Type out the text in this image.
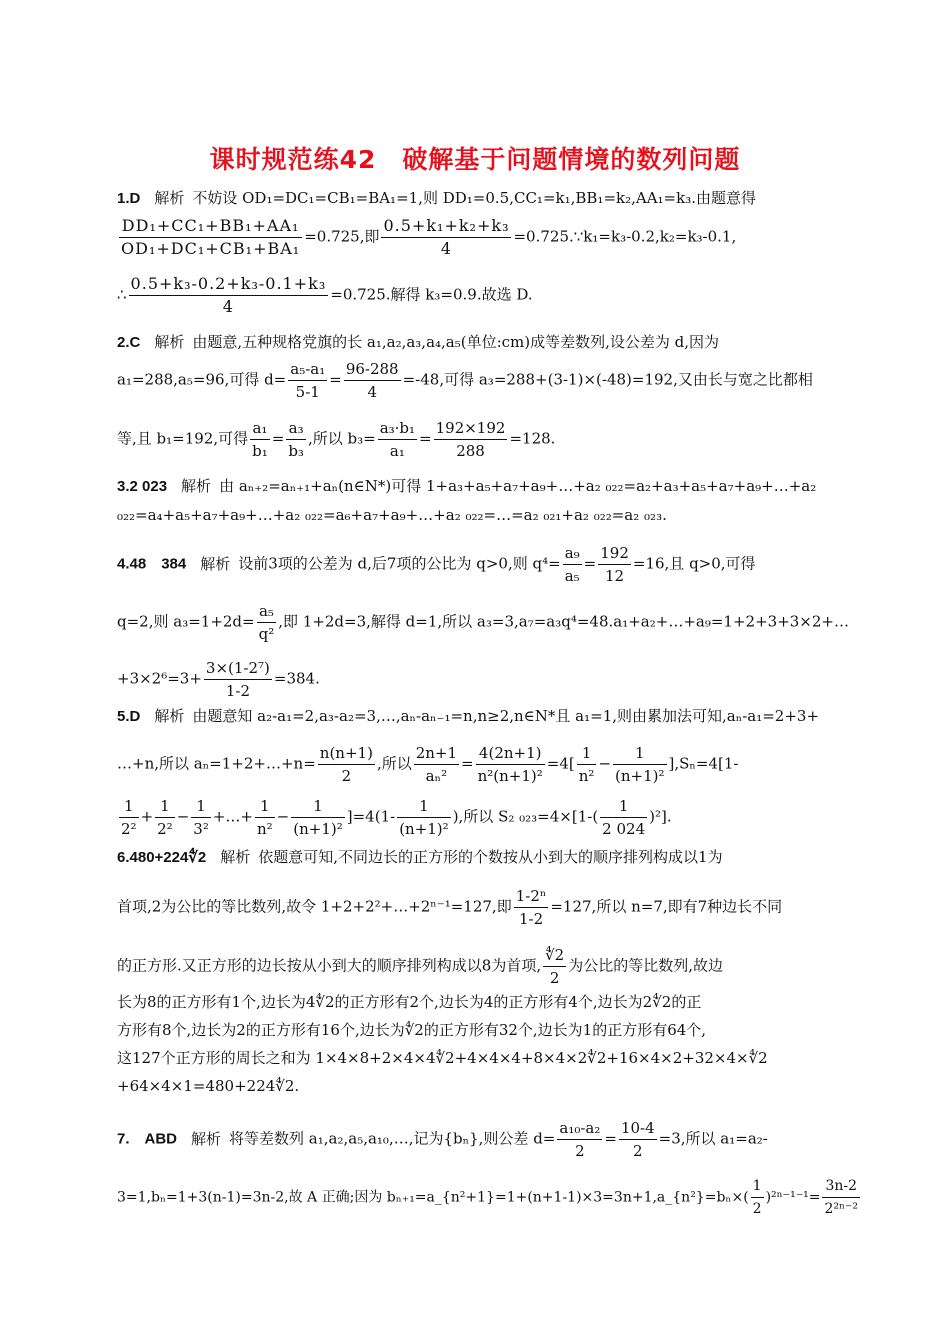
课时规范练42　破解基于问题情境的数列问题
1.D 解析 不妨设 OD₁=DC₁=CB₁=BA₁=1,则 DD₁=0.5,CC₁=k₁,BB₁=k₂,AA₁=k₃.由题意得
$\frac{\text{DD₁+CC₁+BB₁+AA₁}}{\text{OD₁+DC₁+CB₁+BA₁}} =0.725$,即 $\frac{\text{0.5+k₁+k₂+k₃}}{4}$ =0.725.∵k₁=k₃-0.2,k₂=k₃-0.1,
∴ $\frac{\text{0.5+k₃-0.2+k₃-0.1+k₃}}{4} =0.725$.解得 k₃=0.9.故选 D.
2.C 解析 由题意,五种规格党旗的长 a₁,a₂,a₃,a₄,a₅(单位:cm)成等差数列,设公差为 d,因为
a₁=288,a₅=96,可得 $d= \frac{\text{a₅-a₁}}{5-1} = \frac{96-288}{4} =-48$,可得 a₃=288+(3-1)×(-48)=192,又由长与宽之比都相
等,且 b₁=192,可得 $\frac{\text{a₁}}{\text{b₁}} = \frac{\text{a₃}}{\text{b₃}}$ ,所以 $b_3= \frac{\text{a₃·b₁}}{\text{a₁}} = \frac{192\times 192}{288} =128$.
3.2 023 解析 由 aₙ₊₂=aₙ₊₁+aₙ(n∈N*)可得 1+a₃+a₅+a₇+a₉+…+a₂ ₀₂₂=a₂+a₃+a₅+a₇+a₉+…+a₂
₀₂₂=a₄+a₅+a₇+a₉+…+a₂ ₀₂₂=a₆+a₇+a₉+…+a₂ ₀₂₂=…=a₂ ₀₂₁+a₂ ₀₂₂=a₂ ₀₂₃.
4.48　384 解析 设前3项的公差为 d,后7项的公比为 q>0,则 $q^4= \frac{\text{a₉}}{\text{a₅}} = \frac{192}{12} =16$,且 q>0,可得
q=2,则 $a_3=1+2d= \frac{\text{a₅}}{\text{q²}}$ ,即 1+2d=3,解得 d=1,所以 a₃=3,a₇=a₃q⁴=48.a₁+a₂+…+a₉=1+2+3+3×2+…
$+3\times 2^6=3+ \frac{\text{3×(1-2⁷)}}{1-2} =384$.
5.D 解析 由题意知 a₂-a₁=2,a₃-a₂=3,…,aₙ-aₙ₋₁=n,n≥2,n∈N*且 a₁=1,则由累加法可知,aₙ-a₁=2+3+
…+n,所以 aₙ=1+2+…+n= $\frac{n(n+1)}{2}$ ,所以 $\frac{2n+1}{\text{aₙ²}} = \frac{4(2n+1)}{\text{n²(n+1)²}} =4[ \frac{1}{\text{n²}} - \frac{1}{\text{(n+1)²}} ],S_n=4[1-$
$\frac{1}{\text{2²}} + \frac{1}{\text{2²}} - \frac{1}{\text{3²}}$ +…+ $\frac{1}{\text{n²}} - \frac{1}{\text{(n+1)²}} ]=4(1- \frac{1}{\text{(n+1)²}}$ ),所以 S₂ $_{023}=4\times[1-( \frac{1}{2 024} )^2]$.
6.480+224∜2 解析 依题意可知,不同边长的正方形的个数按从小到大的顺序排列构成以1为
首项,2为公比的等比数列,故令 1+2+2²+…+2ⁿ⁻¹=127,即 $\frac{\text{1-2ⁿ}}{1-2} =127$,所以 n=7,即有7种边长不同
的正方形.又正方形的边长按从小到大的顺序排列构成以8为首项, $\frac{∜2}{2}$ 为公比的等比数列,故边
长为8的正方形有1个,边长为4∜2的正方形有2个,边长为4的正方形有4个,边长为2∜2的正
方形有8个,边长为2的正方形有16个,边长为∜2的正方形有32个,边长为1的正方形有64个,
这127个正方形的周长之和为 1×4×8+2×4×4∜2+4×4×4+8×4×2∜2+16×4×2+32×4×∜2
+64×4×1=480+224∜2.
7.　ABD 解析 将等差数列 a₁,a₂,a₅,a₁₀,…,记为{bₙ},则公差 $d= \frac{\text{a₁₀-a₂}}{2} = \frac{10-4}{2} =3$,所以 a₁=a₂-
3=1,bₙ=1+3(n-1)=3n-2,故 A 正确;因为 bₙ₊₁=a_{n²+1}=1+(n+1-1)×3=3n+1,a_{n²}=bₙ×( $\frac{1}{2} )^{2n-1-1}= \frac{3n-2}{\text{2²ⁿ⁻²}}$
